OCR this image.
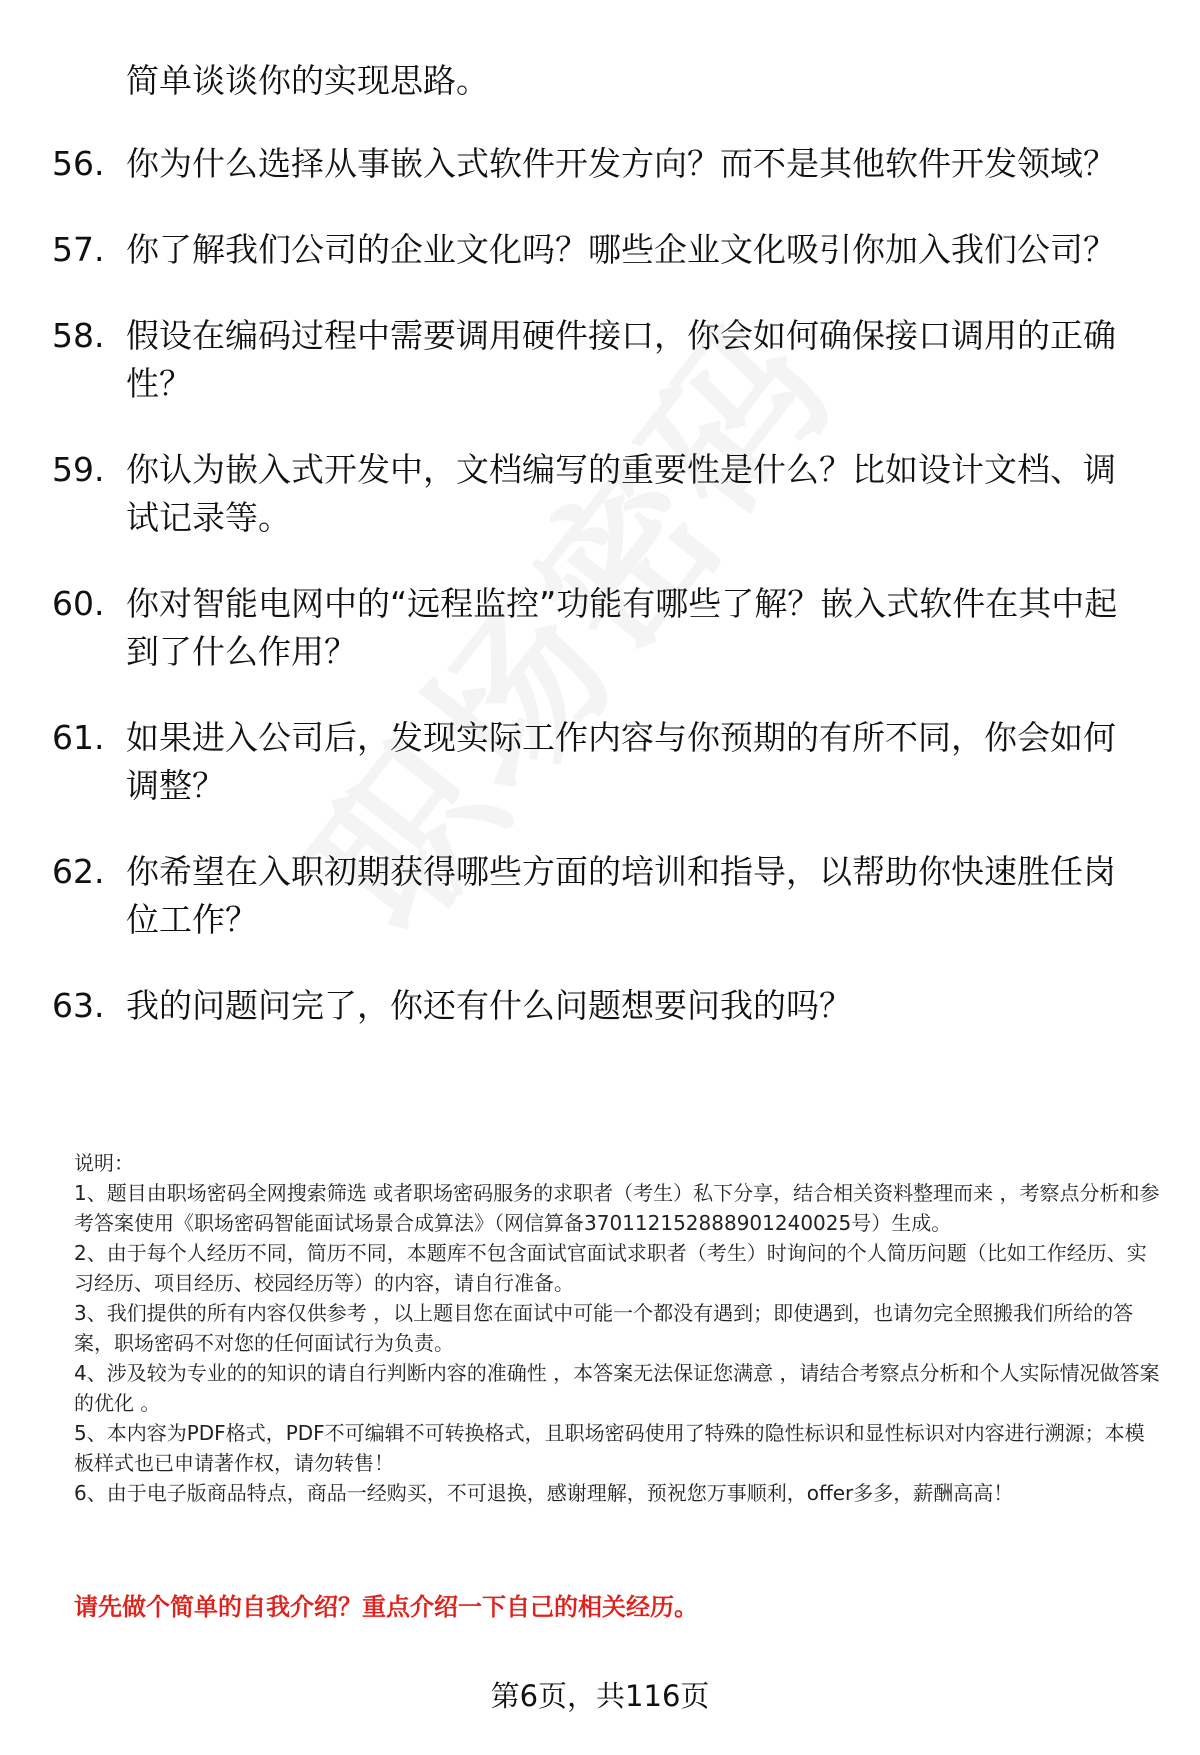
简单谈谈你的实现思路。
56. 你为什么选择从事嵌入式软件开发方向？而不是其他软件开发领域？
57. 你了解我们公司的企业文化吗？哪些企业文化吸引你加入我们公司？
58. 假设在编码过程中需要调用硬件接口，你会如何确保接口调用的正确性？
59. 你认为嵌入式开发中，文档编写的重要性是什么？比如设计文档、调试记录等。
60. 你对智能电网中的“远程监控”功能有哪些了解？嵌入式软件在其中起到了什么作用？
61. 如果进入公司后，发现实际工作内容与你预期的有所不同，你会如何调整？
62. 你希望在入职初期获得哪些方面的培训和指导，以帮助你快速胜任岗位工作？
63. 我的问题问完了，你还有什么问题想要问我的吗？

说明：

1、题目由职场密码全网搜索筛选 或者职场密码服务的求职者（考生）私下分享，结合相关资料整理而来 ，考察点分析和参考答案使用《职场密码智能面试场景合成算法》（网信算备370112152888901240025号）生成。

2、由于每个人经历不同，简历不同，本题库不包含面试官面试求职者（考生）时询问的个人简历问题（比如工作经历、实习经历、项目经历、校园经历等）的内容，请自行准备。

3、我们提供的所有内容仅供参考 ，以上题目您在面试中可能一个都没有遇到；即使遇到，也请勿完全照搬我们所给的答案，职场密码不对您的任何面试行为负责。

4、涉及较为专业的的知识的请自行判断内容的准确性 ，本答案无法保证您满意 ，请结合考察点分析和个人实际情况做答案的优化 。

5、本内容为PDF格式，PDF不可编辑不可转换格式，且职场密码使用了特殊的隐性标识和显性标识对内容进行溯源；本模板样式也已申请著作权，请勿转售！

6、由于电子版商品特点，商品一经购买，不可退换，感谢理解，预祝您万事顺利，offer多多，薪酬高高！

请先做个简单的自我介绍？重点介绍一下自己的相关经历。
第6页，共116页
